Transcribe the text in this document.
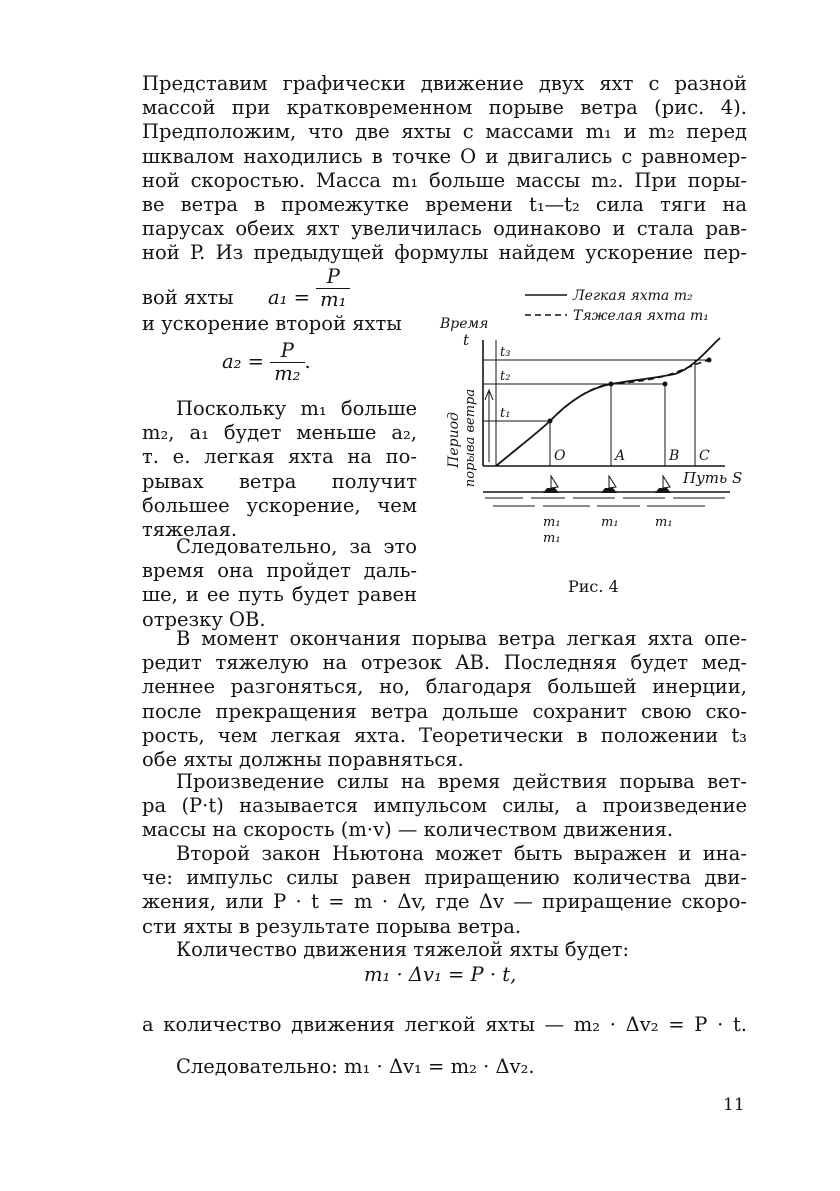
Представим графически движение двух яхт с разной
массой при кратковременном порыве ветра (рис. 4).
Предположим, что две яхты с массами m₁ и m₂ перед
шквалом находились в точке O и двигались с равномер-
ной скоростью. Масса m₁ больше массы m₂. При поры-
ве ветра в промежутке времени t₁—t₂ сила тяги на
парусах обеих яхт увеличилась одинаково и стала рав-
ной P. Из предыдущей формулы найдем ускорение пер-
вой яхты $a_1 = \frac{P}{\text{m₁}}$
и ускорение второй яхты
$a_2 = \frac{P}{\text{m₂}}$ .
Поскольку m₁ больше
m₂, a₁ будет меньше a₂,
т. е. легкая яхта на по-
рывах ветра получит
большее ускорение, чем
тяжелая.
Следовательно, за это
время она пройдет даль-
ше, и ее путь будет равен
отрезку OB.
Легкая яхта m₂
Тяжелая яхта m₁
Время
t
Период порыва ветра	Путь S
t₃
t₂
t₁
O	A	B C
m₁
m₁
m₁	m₁
Рис. 4
В момент окончания порыва ветра легкая яхта опе-
редит тяжелую на отрезок AB. Последняя будет мед-
леннее разгоняться, но, благодаря большей инерции,
после прекращения ветра дольше сохранит свою ско-
рость, чем легкая яхта. Теоретически в положении t₃
обе яхты должны поравняться.
Произведение силы на время действия порыва вет-
ра (P·t) называется импульсом силы, а произведение
массы на скорость (m·v) — количеством движения.
Второй закон Ньютона может быть выражен и ина-
че: импульс силы равен приращению количества дви-
жения, или P · t = m · Δv, где Δv — приращение скоро-
сти яхты в результате порыва ветра.
Количество движения тяжелой яхты будет:
m₁ · Δv₁ = P · t,
а количество движения легкой яхты — m₂ · Δv₂ = P · t.
Следовательно: m₁ · Δv₁ = m₂ · Δv₂.
11
